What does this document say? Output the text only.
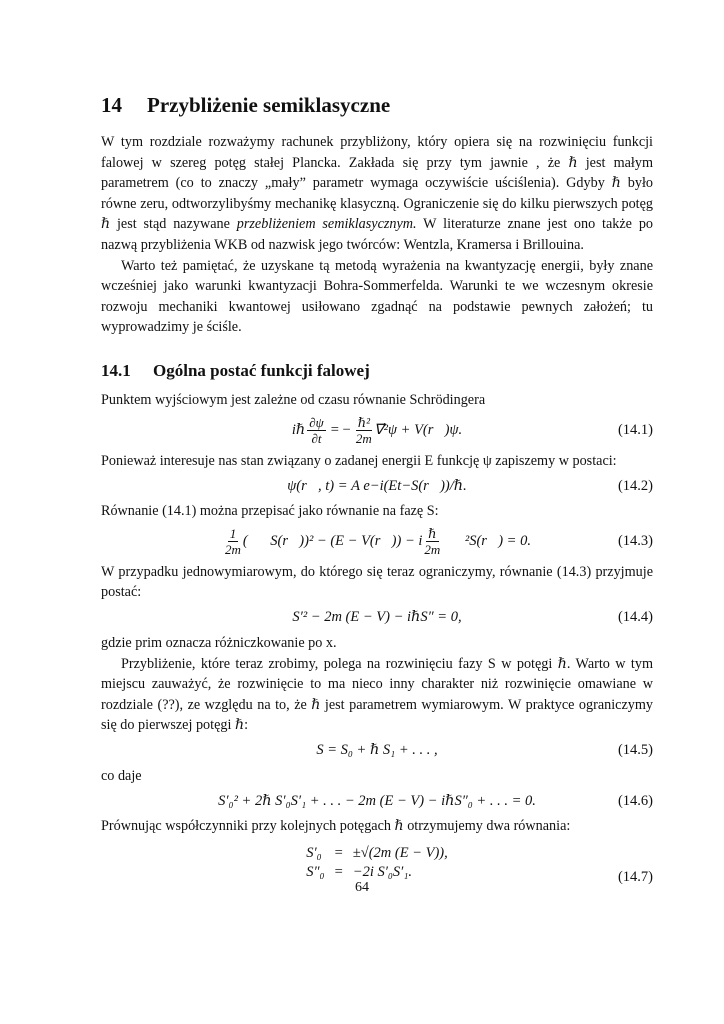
14 Przybliżenie semiklasyczne

W tym rozdziale rozważymy rachunek przybliżony, który opiera się na rozwinięciu funkcji falowej w szereg potęg stałej Plancka. Zakłada się przy tym jawnie , że ℏ jest małym parametrem (co to znaczy „mały” parametr wymaga oczywiście uściślenia). Gdyby ℏ było równe zeru, odtworzylibyśmy mechanikę klasyczną. Ograniczenie się do kilku pierwszych potęg ℏ jest stąd nazywane przebliżeniem semiklasycznym. W literaturze znane jest ono także po nazwą przybliżenia WKB od nazwisk jego twórców: Wentzla, Kramersa i Brillouina.

Warto też pamiętać, że uzyskane tą metodą wyrażenia na kwantyzację energii, były znane wcześniej jako warunki kwantyzacji Bohra-Sommerfelda. Warunki te we wczesnym okresie rozwoju mechaniki kwantowej usiłowano zgadnąć na podstawie pewnych założeń; tu wyprowadzimy je ściśle.

14.1 Ogólna postać funkcji falowej

Punktem wyjściowym jest zależne od czasu równanie Schrödingera

iℏ $\frac{\partial\psi}{\partial t}$ = − $\frac{\text{ℏ²}}{2m}$ ∇⃗²ψ + V(r⃗)ψ.	(14.1)

Ponieważ interesuje nas stan związany o zadanej energii E funkcję ψ zapiszemy w postaci:

ψ(r⃗, t) = A e−i(Et−S(r⃗))/ℏ.	(14.2)

Równanie (14.1) można przepisać jako równanie na fazę S:

$\frac{1}{2m}$ (∇⃗S(r⃗))² − (E − V(r⃗)) − i $\frac{\text{ℏ}}{2m}$ ∇⃗²S(r⃗) = 0.	(14.3)

W przypadku jednowymiarowym, do którego się teraz ograniczymy, równanie (14.3) przyjmuje postać:

S′² − 2m (E − V) − iℏS″ = 0,	(14.4)

gdzie prim oznacza różniczkowanie po x.

Przybliżenie, które teraz zrobimy, polega na rozwinięciu fazy S w potęgi ℏ. Warto w tym miejscu zauważyć, że rozwinięcie to ma nieco inny charakter niż rozwinięcie omawiane w rozdziale (??), ze względu na to, że ℏ jest parametrem wymiarowym. W praktyce ograniczymy się do pierwszej potęgi ℏ:

S = S₀ + ℏ S₁ + . . . ,	(14.5)

co daje

S′₀² + 2ℏ S′₀S′₁ + . . . − 2m (E − V) − iℏS″₀ + . . . = 0.	(14.6)

Prównując współczynniki przy kolejnych potęgach ℏ otrzymujemy dwa równania:

S′₀ = ±√(2m (E − V)),
S″₀ = −2i S′₀S′₁.	(14.7)
64
